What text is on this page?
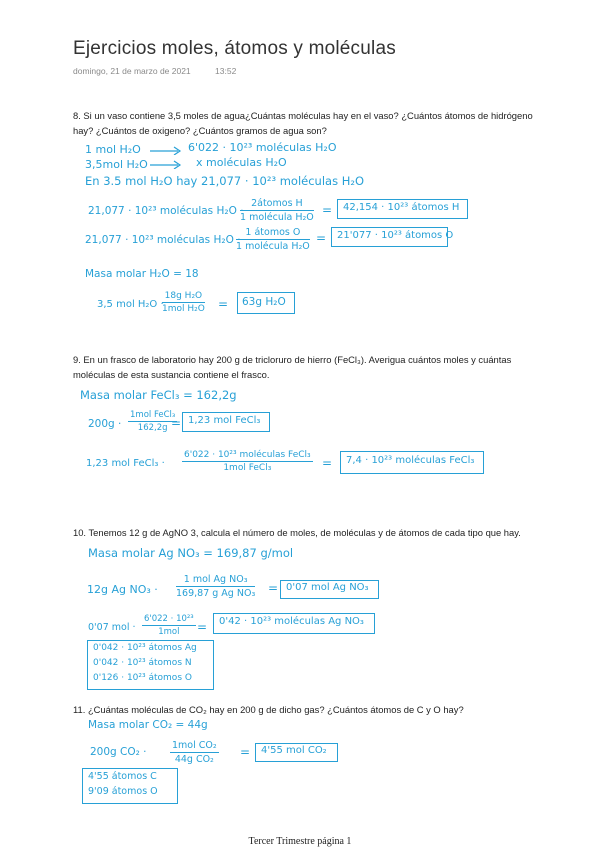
Ejercicios moles, átomos y moléculas
domingo, 21 de marzo de 2021	13:52
8. Si un vaso contiene 3,5 moles de agua¿Cuántas moléculas hay en el vaso? ¿Cuántos átomos de hidrógeno hay? ¿Cuántos de oxigeno? ¿Cuántos gramos de agua son?
1 mol H₂O	6'022 · 10²³ moléculas H₂O
3,5mol H₂O	x moléculas H₂O
En 3.5 mol H₂O hay 21,077 · 10²³ moléculas H₂O
21,077 · 10²³ moléculas H₂O ·
2átomos H
1 molécula H₂O
= 42,154 · 10²³ átomos H
21,077 · 10²³ moléculas H₂O ·
1 átomos O
1 molécula H₂O
= 21'077 · 10²³ átomos O
Masa molar H₂O = 18
3,5 mol H₂O ·
18g H₂O
1mol H₂O = 63g H₂O
9. En un frasco de laboratorio hay 200 g de tricloruro de hierro (FeCl₃). Averigua cuántos moles y cuántas moléculas de esta sustancia contiene el frasco.
Masa molar FeCl₃ = 162,2g
200g ·
1mol FeCl₃
162,2g = 1,23 mol FeCl₃
1,23 mol FeCl₃ ·
6'022 · 10²³ moléculas FeCl₃
1mol FeCl₃	= 7,4 · 10²³ moléculas FeCl₃
10. Tenemos 12 g de AgNO 3, calcula el número de moles, de moléculas y de átomos de cada tipo que hay.
Masa molar Ag NO₃ = 169,87 g/mol
12g Ag NO₃ ·
1 mol Ag NO₃
169,87 g Ag NO₃ = 0'07 mol Ag NO₃
0'07 mol ·
6'022 · 10²³
1mol	= 0'42 · 10²³ moléculas Ag NO₃
0'042 · 10²³ átomos Ag
0'042 · 10²³ átomos N
0'126 · 10²³ átomos O
11. ¿Cuántas moléculas de CO₂ hay en 200 g de dicho gas? ¿Cuántos átomos de C y O hay?
Masa molar CO₂ = 44g
200g CO₂ ·
1mol CO₂
44g CO₂
= 4'55 mol CO₂
4'55 átomos C
9'09 átomos O
Tercer Trimestre página 1
